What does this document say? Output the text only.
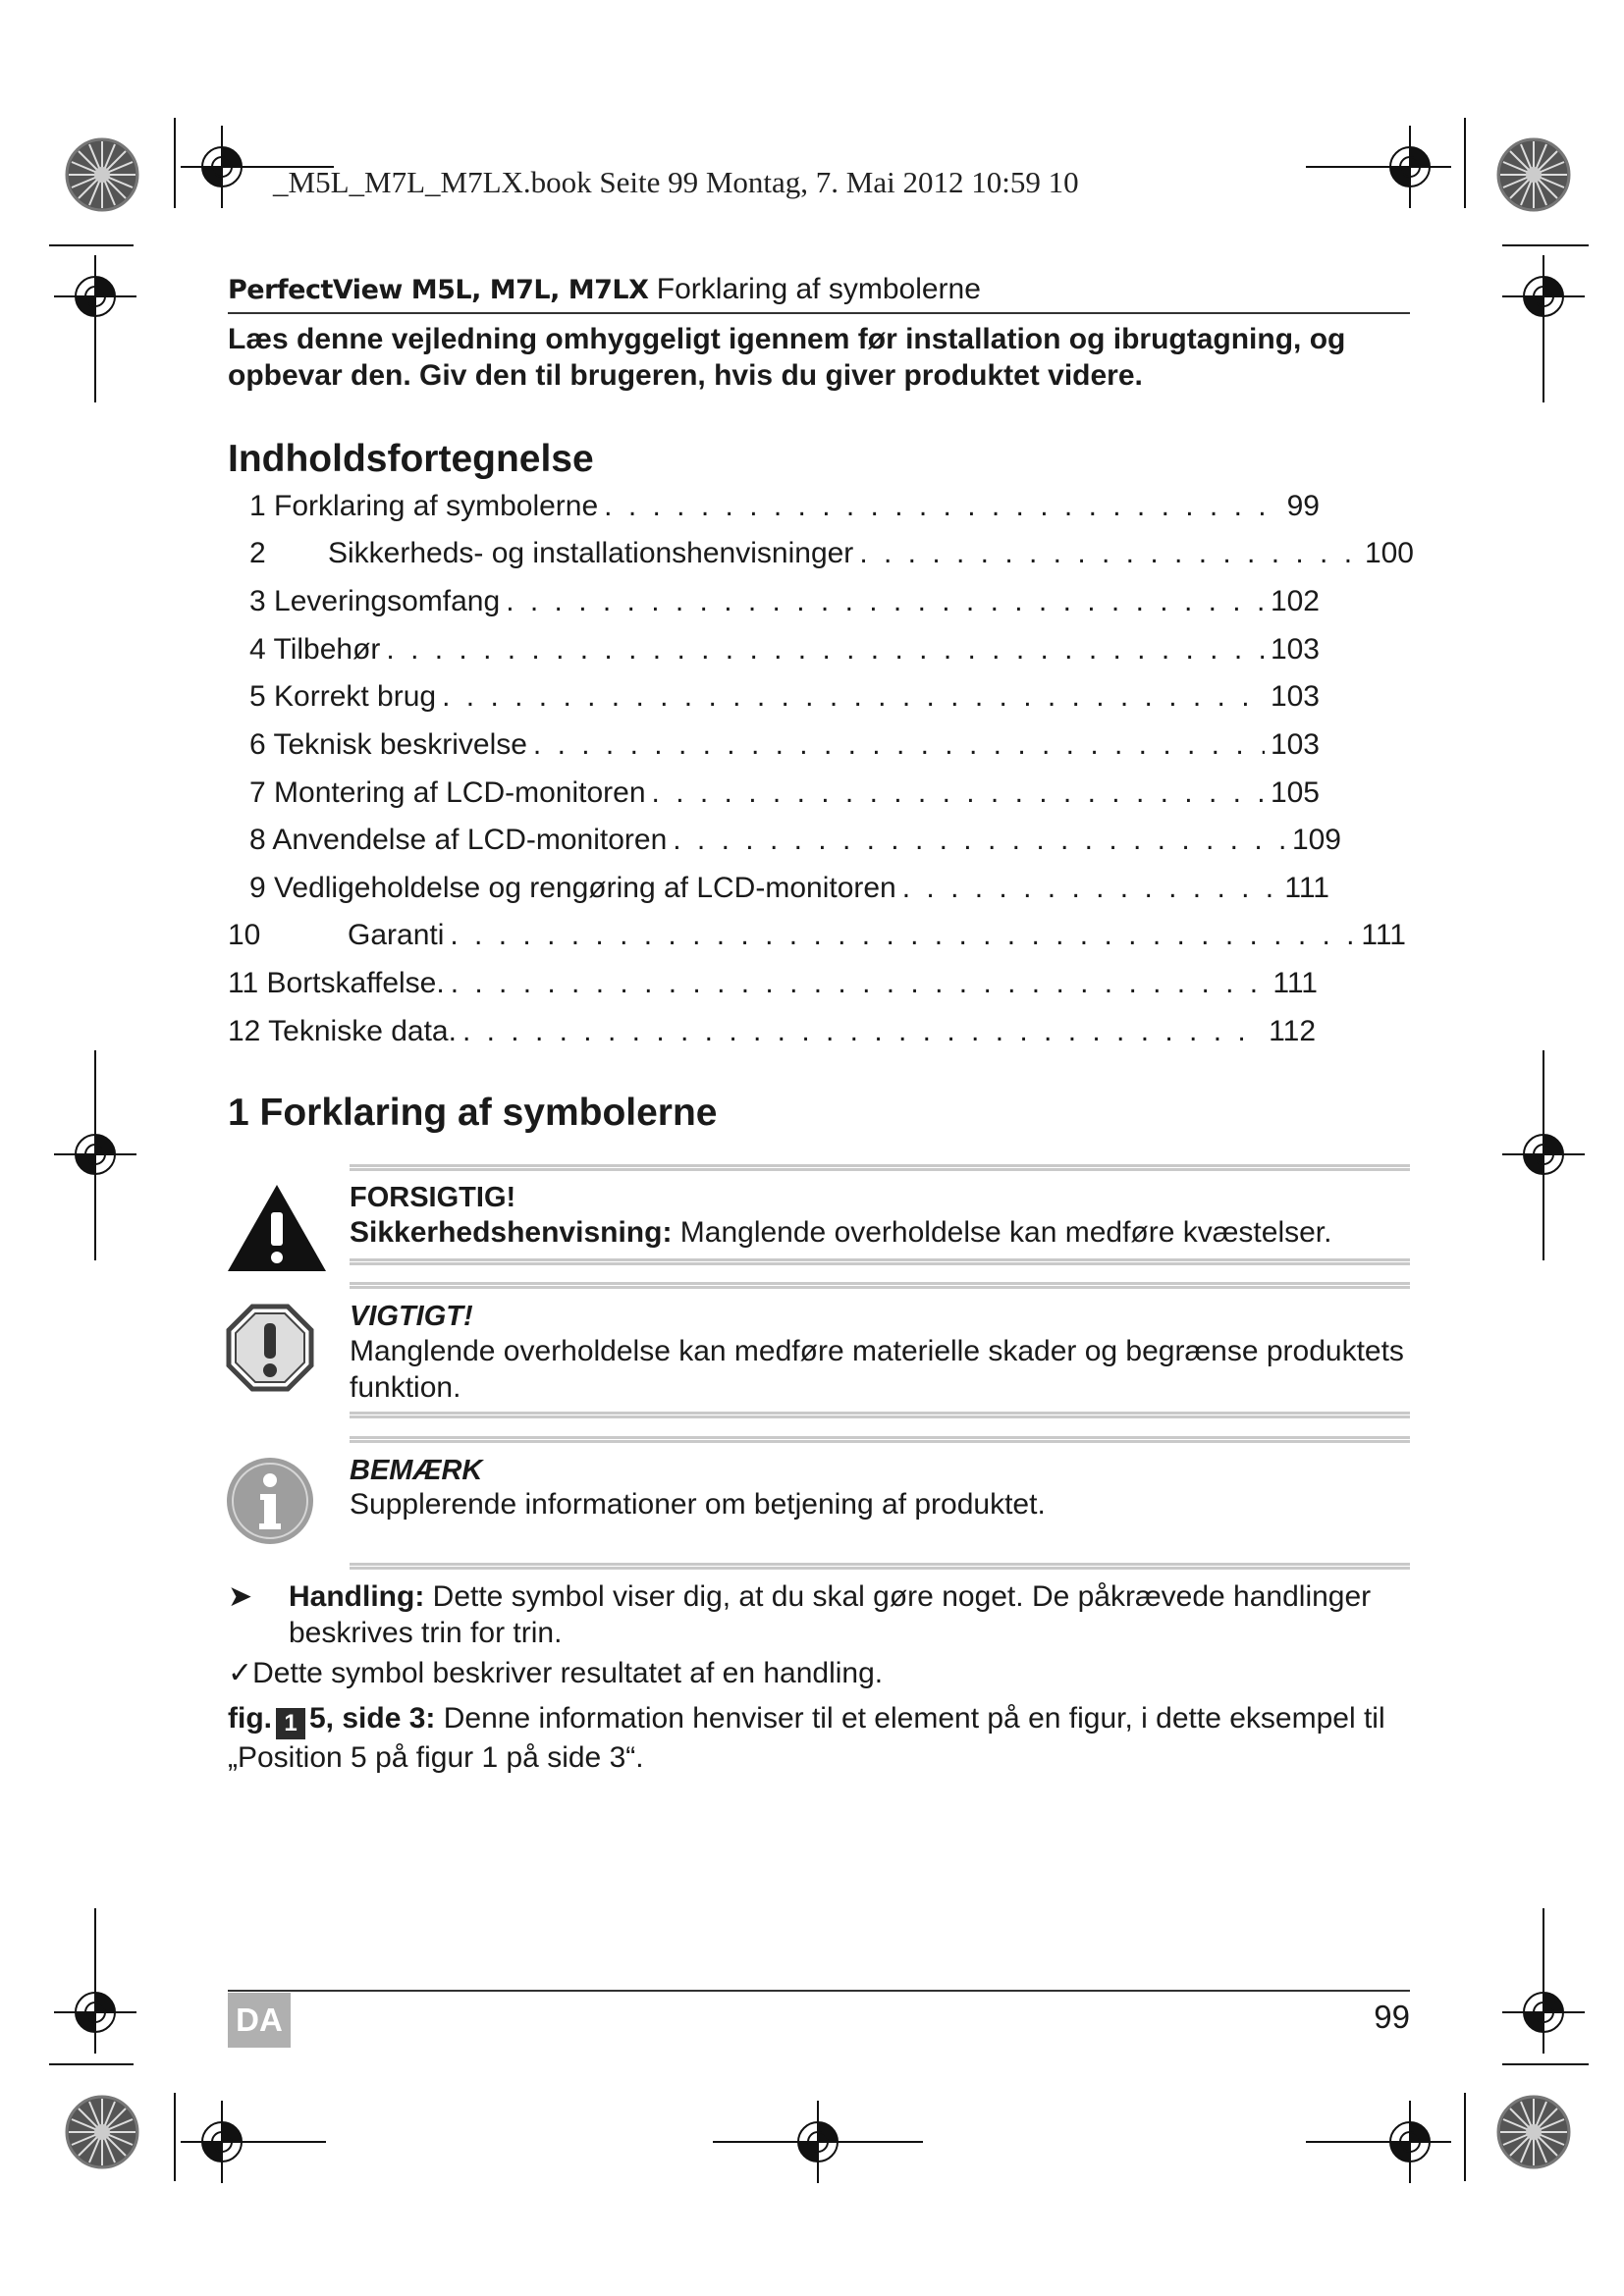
_M5L_M7L_M7LX.book Seite 99 Montag, 7. Mai 2012 10:59 10
PerfectView M5L, M7L, M7LX Forklaring af symbolerne
Læs denne vejledning omhyggeligt igennem før installation og ibrugtagning, og opbevar den. Giv den til brugeren, hvis du giver produktet videre.
Indholdsfortegnelse
1 Forklaring af symbolerne . . .	99
2 Sikkerheds- og installationshenvisninger . . .	100
3 Leveringsomfang . . .	102
4 Tilbehør . . .	103
5 Korrekt brug . . .	103
6 Teknisk beskrivelse . . .	103
7 Montering af LCD-monitoren . . .	105
8 Anvendelse af LCD-monitoren . . .	109
9 Vedligeholdelse og rengøring af LCD-monitoren . . .	111
10	Garanti . . .	111
11 Bortskaffelse. . . .	111
12 Tekniske data. . . .	112
1 Forklaring af symbolerne
FORSIGTIG!
Sikkerhedshenvisning: Manglende overholdelse kan medføre kvæstelser.
VIGTIGT!
Manglende overholdelse kan medføre materielle skader og begrænse produktets funktion.
BEMÆRK
Supplerende informationer om betjening af produktet.
➤	Handling: Dette symbol viser dig, at du skal gøre noget. De påkrævede handlinger beskrives trin for trin.
✓Dette symbol beskriver resultatet af en handling.
fig. 1 5, side 3: Denne information henviser til et element på en figur, i dette eksempel til „Position 5 på figur 1 på side 3“.
DA	99
